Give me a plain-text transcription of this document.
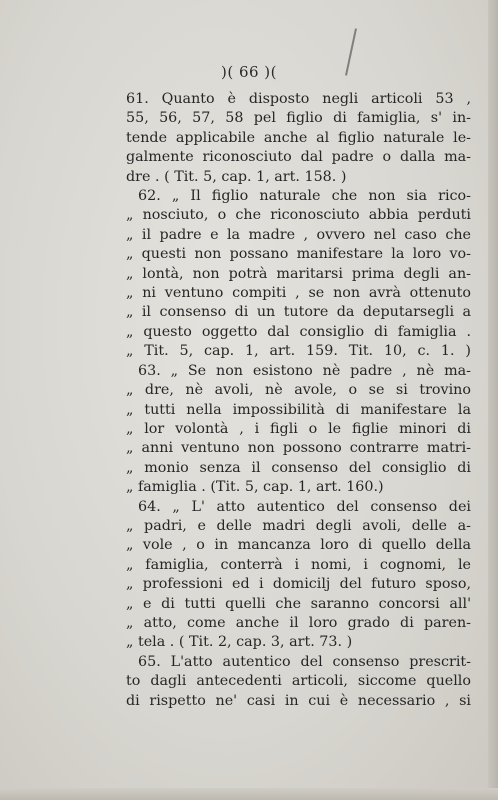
)( 66 )(
61. Quanto è disposto negli articoli 53 ,
55, 56, 57, 58 pel figlio di famiglia, s' in-
tende applicabile anche al figlio naturale le-
galmente riconosciuto dal padre o dalla ma-
dre . ( Tit. 5, cap. 1, art. 158. )
62. „ Il figlio naturale che non sia rico-
„ nosciuto, o che riconosciuto abbia perduti
„ il padre e la madre , ovvero nel caso che
„ questi non possano manifestare la loro vo-
„ lontà, non potrà maritarsi prima degli an-
„ ni ventuno compiti , se non avrà ottenuto
„ il consenso di un tutore da deputarsegli a
„ questo oggetto dal consiglio di famiglia .
„ Tit. 5, cap. 1, art. 159. Tit. 10, c. 1. )
63. „ Se non esistono nè padre , nè ma-
„ dre, nè avoli, nè avole, o se si trovino
„ tutti nella impossibilità di manifestare la
„ lor volontà , i figli o le figlie minori di
„ anni ventuno non possono contrarre matri-
„ monio senza il consenso del consiglio di
„ famiglia . (Tit. 5, cap. 1, art. 160.)
64. „ L' atto autentico del consenso dei
„ padri, e delle madri degli avoli, delle a-
„ vole , o in mancanza loro di quello della
„ famiglia, conterrà i nomi, i cognomi, le
„ professioni ed i domicilj del futuro sposo,
„ e di tutti quelli che saranno concorsi all'
„ atto, come anche il loro grado di paren-
„ tela . ( Tit. 2, cap. 3, art. 73. )
65. L'atto autentico del consenso prescrit-
to dagli antecedenti articoli, siccome quello
di rispetto ne' casi in cui è necessario , si
